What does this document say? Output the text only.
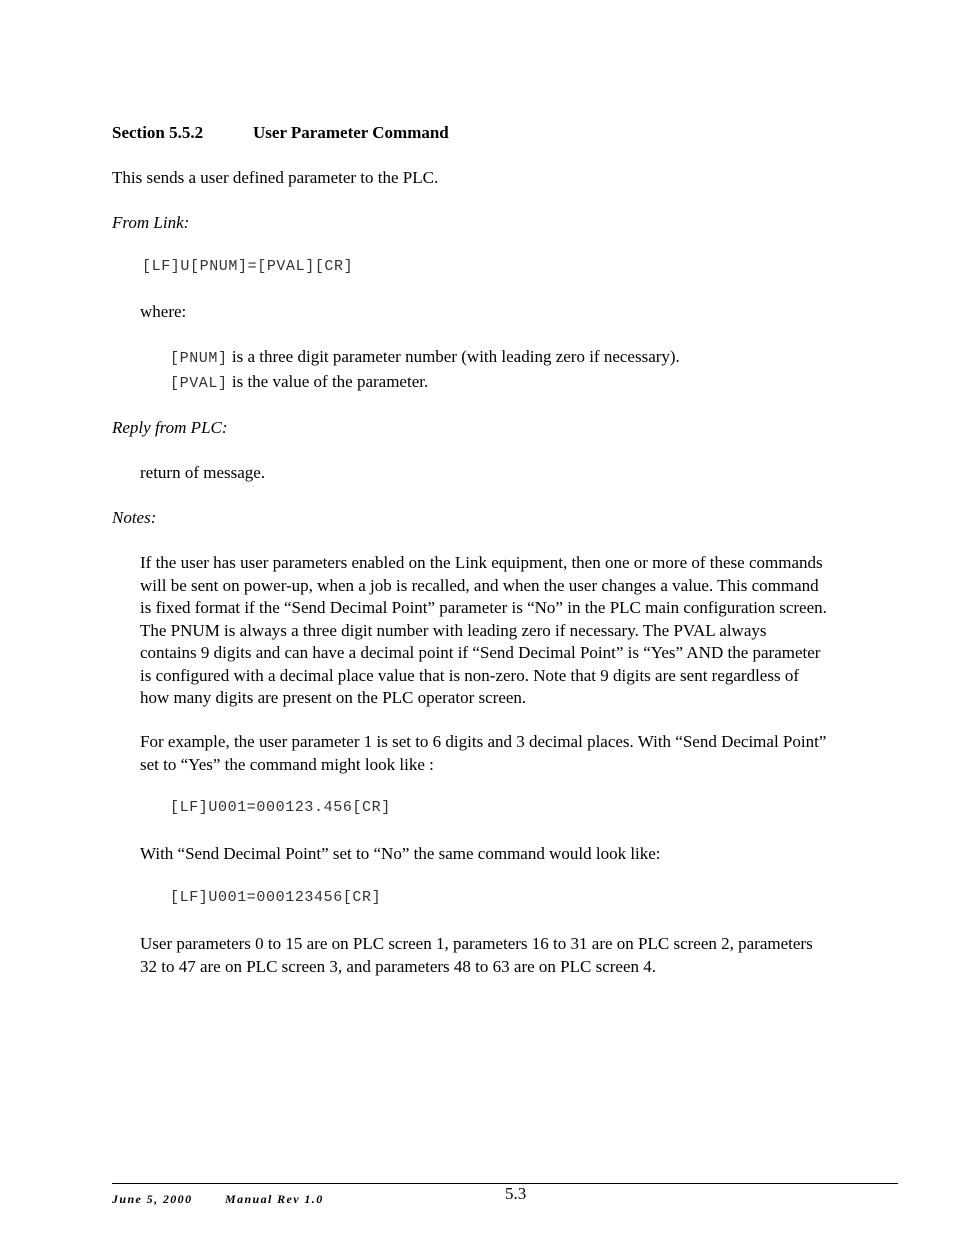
Section 5.5.2	User Parameter Command
This sends a user defined parameter to the PLC.
From Link:
[LF]U[PNUM]=[PVAL][CR]
where:
[PNUM] is a three digit parameter number (with leading zero if necessary).
[PVAL] is the value of the parameter.
Reply from PLC:
return of message.
Notes:
If the user has user parameters enabled on the Link equipment, then one or more of these commands
will be sent on power-up, when a job is recalled, and when the user changes a value. This command
is fixed format if the “Send Decimal Point” parameter is “No” in the PLC main configuration screen.
The PNUM is always a three digit number with leading zero if necessary. The PVAL always
contains 9 digits and can have a decimal point if “Send Decimal Point” is “Yes” AND the parameter
is configured with a decimal place value that is non-zero. Note that 9 digits are sent regardless of
how many digits are present on the PLC operator screen.
For example, the user parameter 1 is set to 6 digits and 3 decimal places. With “Send Decimal Point”
set to “Yes” the command might look like :
[LF]U001=000123.456[CR]
With “Send Decimal Point” set to “No” the same command would look like:
[LF]U001=000123456[CR]
User parameters 0 to 15 are on PLC screen 1, parameters 16 to 31 are on PLC screen 2, parameters
32 to 47 are on PLC screen 3, and parameters 48 to 63 are on PLC screen 4.
June 5, 2000	Manual Rev 1.0	5.3
